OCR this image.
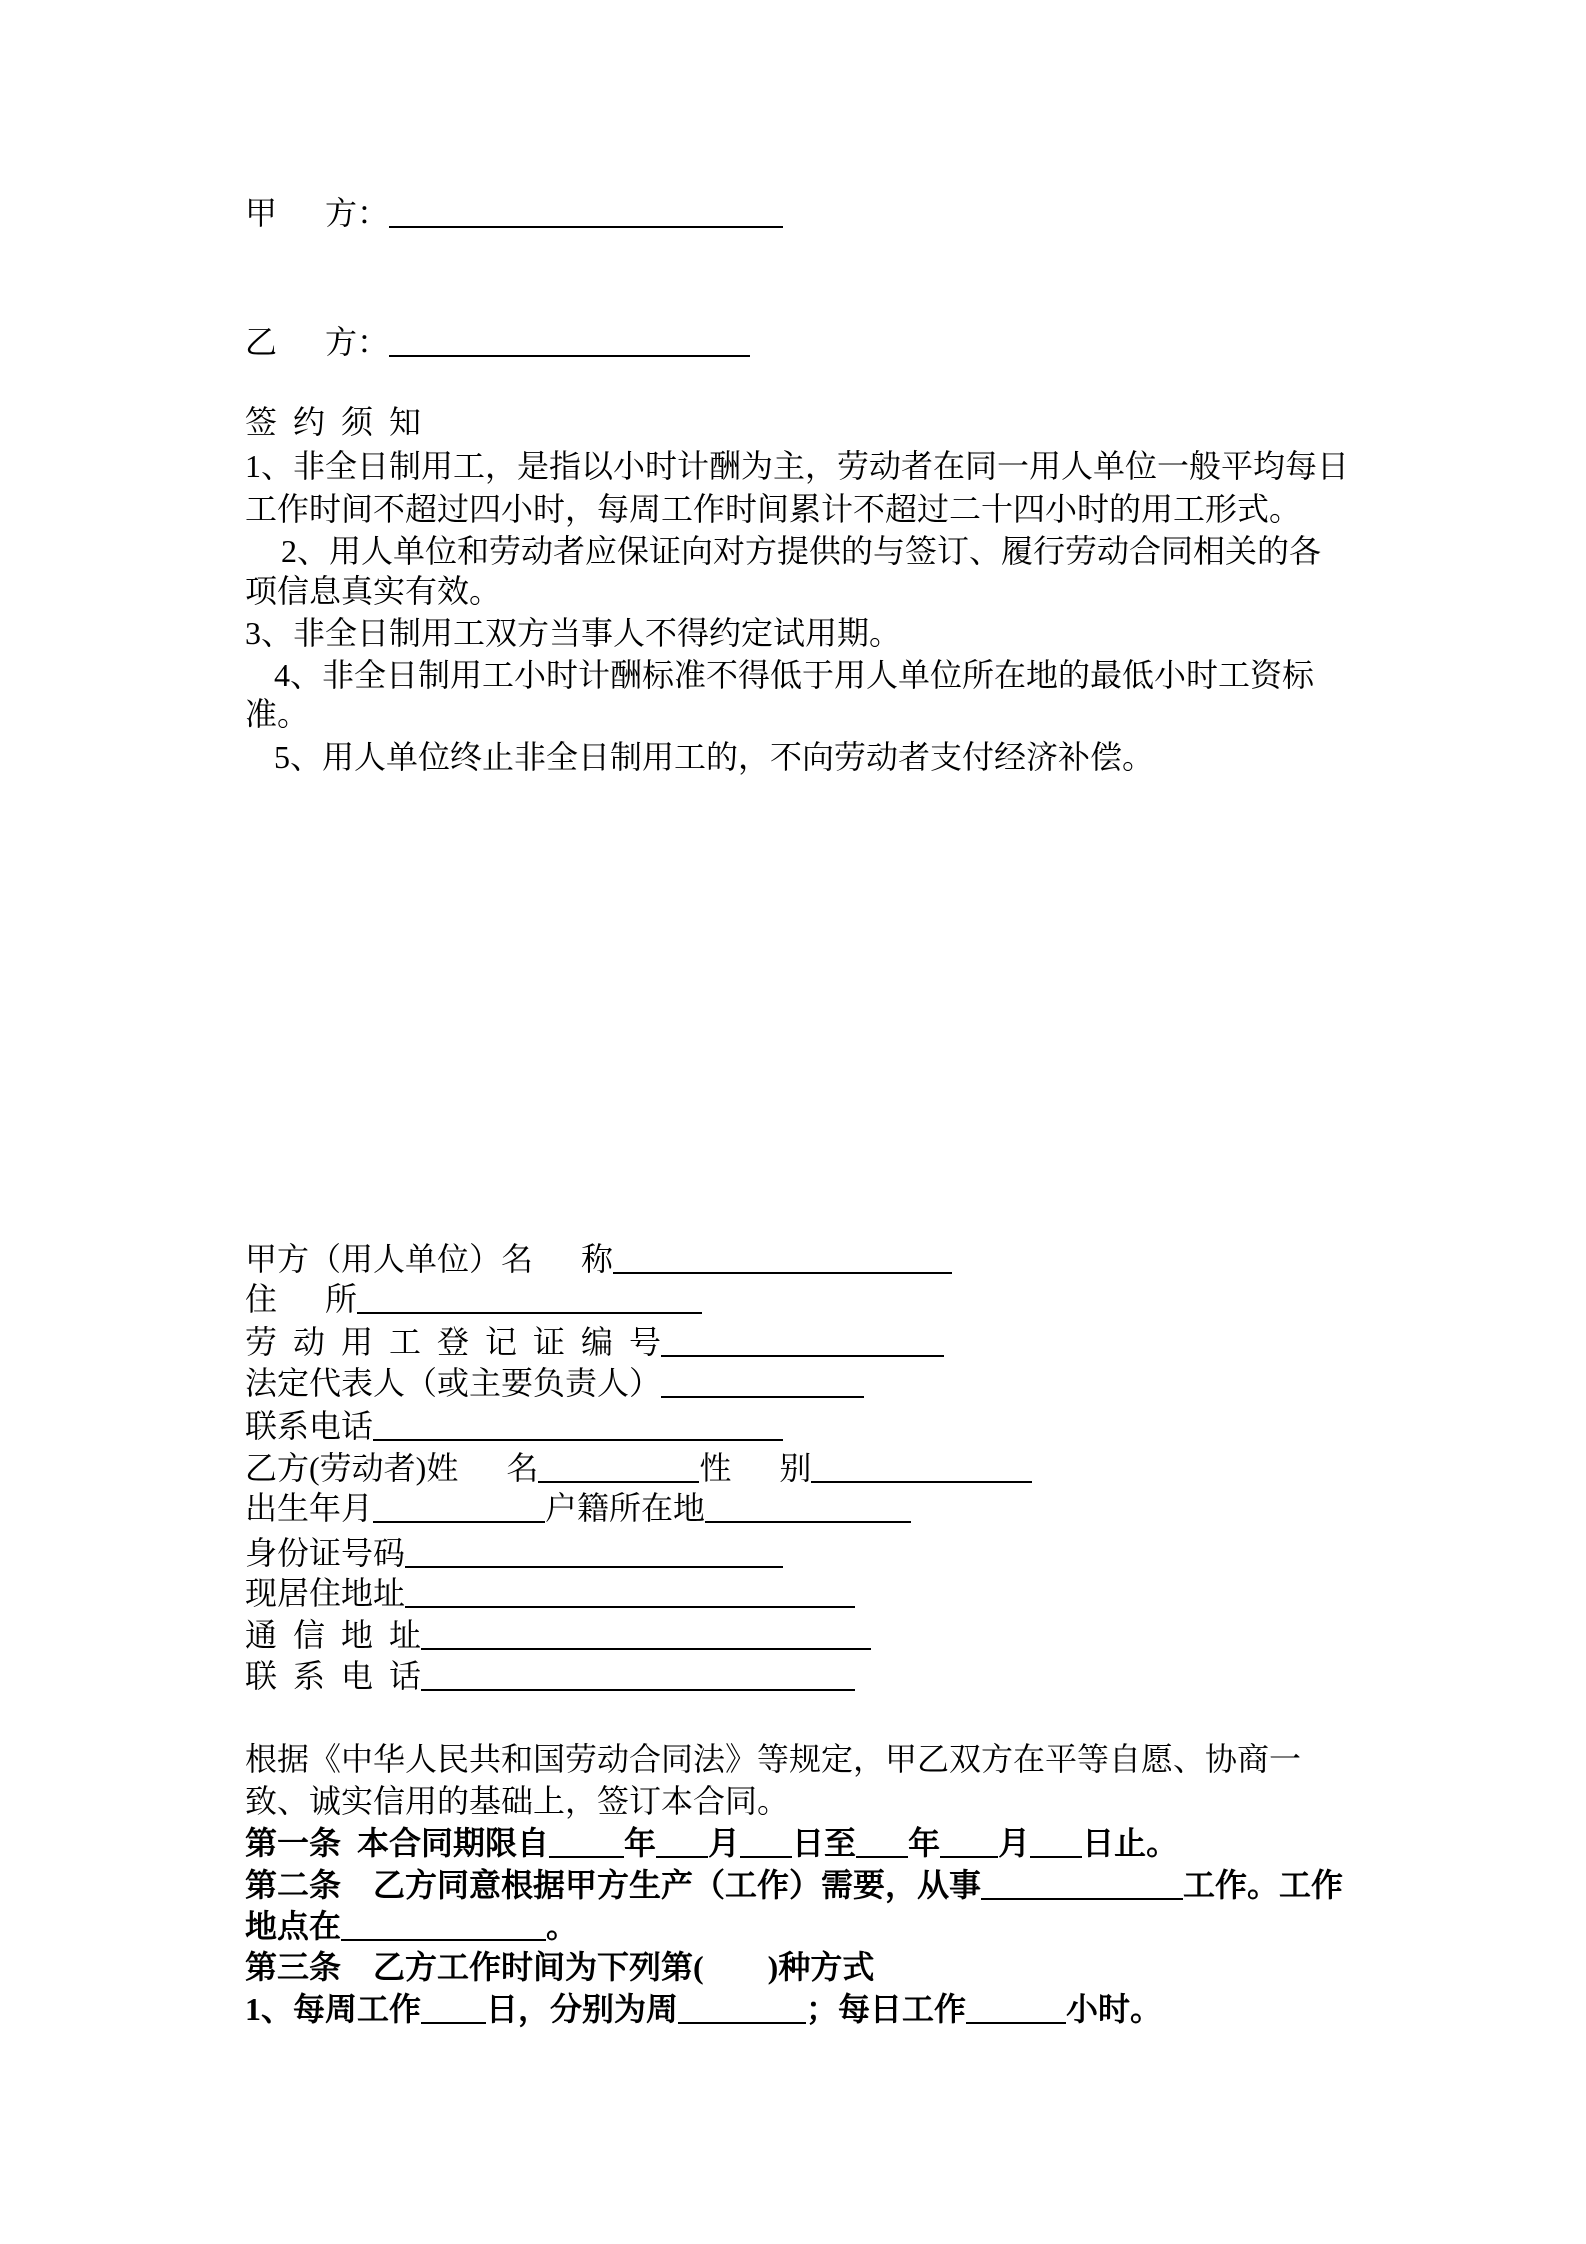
甲   方：
乙   方：
签 约 须 知
1、非全日制用工，是指以小时计酬为主，劳动者在同一用人单位一般平均每日
工作时间不超过四小时，每周工作时间累计不超过二十四小时的用工形式。
2、用人单位和劳动者应保证向对方提供的与签订、履行劳动合同相关的各
项信息真实有效。
3、非全日制用工双方当事人不得约定试用期。
4、非全日制用工小时计酬标准不得低于用人单位所在地的最低小时工资标
准。
5、用人单位终止非全日制用工的，不向劳动者支付经济补偿。
甲方（用人单位）名   称
住   所
劳 动 用 工 登 记 证 编 号
法定代表人（或主要负责人）
联系电话
乙方(劳动者)姓   名	性   别
出生年月	户籍所在地
身份证号码
现居住地址
通 信 地 址
联 系 电 话
根据《中华人民共和国劳动合同法》等规定，甲乙双方在平等自愿、协商一
致、诚实信用的基础上，签订本合同。
第一条 本合同期限自 年 月 日至 年 月 日止。
第二条  乙方同意根据甲方生产（工作）需要，从事	工作。工作
地点在	。
第三条  乙方工作时间为下列第(    )种方式
1、每周工作 日，分别为周	；每日工作	小时。
